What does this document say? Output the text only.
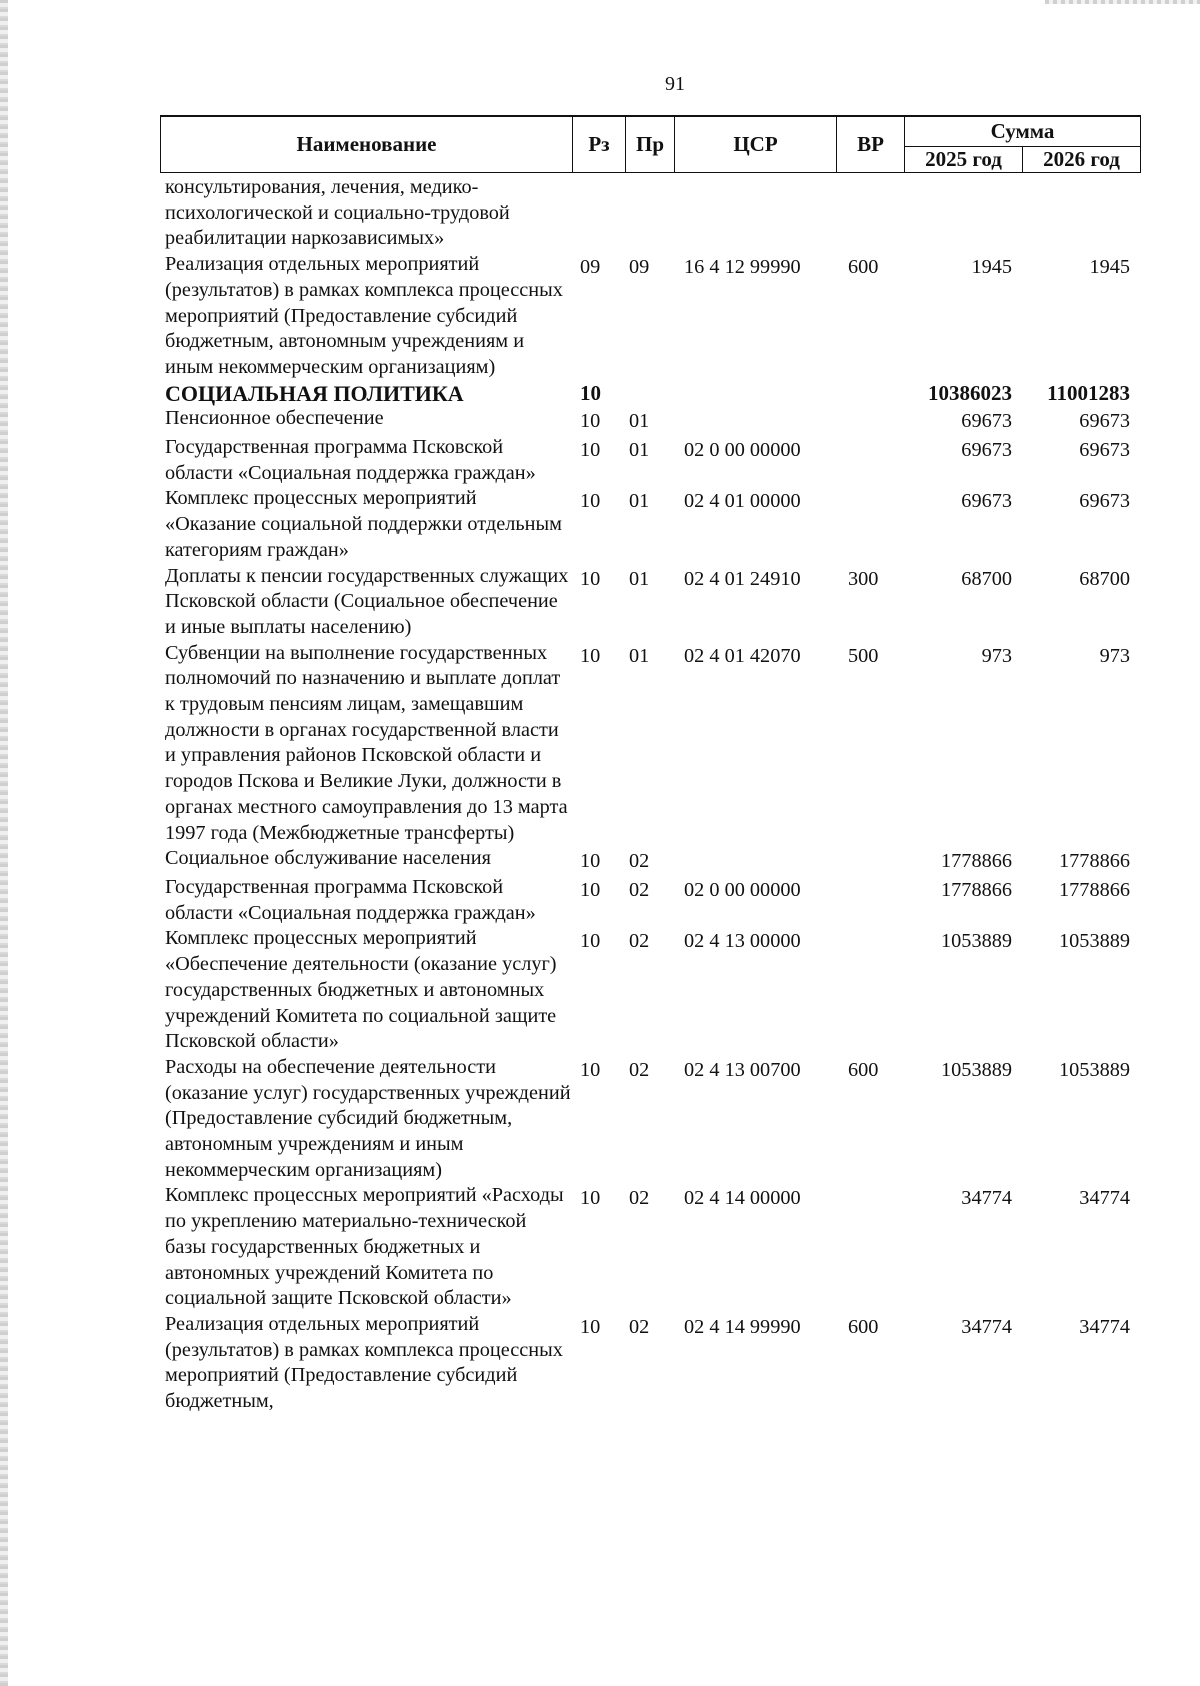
91
Наименование	Рз	Пр	ЦСР	ВР	Сумма	
					2025 год	2026 год
консультирования, лечения, медико-психологической и социально-трудовой реабилитации наркозависимых»						
Реализация отдельных мероприятий (результатов) в рамках комплекса процессных мероприятий (Предоставление субсидий бюджетным, автономным учреждениям и иным некоммерческим организациям)	09	09	16 4 12 99990	600	1945	1945
СОЦИАЛЬНАЯ ПОЛИТИКА	10				10386023	11001283
Пенсионное обеспечение	10	01			69673	69673
Государственная программа Псковской области «Социальная поддержка граждан»	10	01	02 0 00 00000		69673	69673
Комплекс процессных мероприятий «Оказание социальной поддержки отдельным категориям граждан»	10	01	02 4 01 00000		69673	69673
Доплаты к пенсии государственных служащих Псковской области (Социальное обеспечение и иные выплаты населению)	10	01	02 4 01 24910	300	68700	68700
Субвенции на выполнение государственных полномочий по назначению и выплате доплат к трудовым пенсиям лицам, замещавшим должности в органах государственной власти и управления районов Псковской области и городов Пскова и Великие Луки, должности в органах местного самоуправления до 13 марта 1997 года (Межбюджетные трансферты)	10	01	02 4 01 42070	500	973	973
Социальное обслуживание населения	10	02			1778866	1778866
Государственная программа Псковской области «Социальная поддержка граждан»	10	02	02 0 00 00000		1778866	1778866
Комплекс процессных мероприятий «Обеспечение деятельности (оказание услуг) государственных бюджетных и автономных учреждений Комитета по социальной защите Псковской области»	10	02	02 4 13 00000		1053889	1053889
Расходы на обеспечение деятельности (оказание услуг) государственных учреждений (Предоставление субсидий бюджетным, автономным учреждениям и иным некоммерческим организациям)	10	02	02 4 13 00700	600	1053889	1053889
Комплекс процессных мероприятий «Расходы по укреплению материально-технической базы государственных бюджетных и автономных учреждений Комитета по социальной защите Псковской области»	10	02	02 4 14 00000		34774	34774
Реализация отдельных мероприятий (результатов) в рамках комплекса процессных мероприятий (Предоставление субсидий бюджетным,	10	02	02 4 14 99990	600	34774	34774
